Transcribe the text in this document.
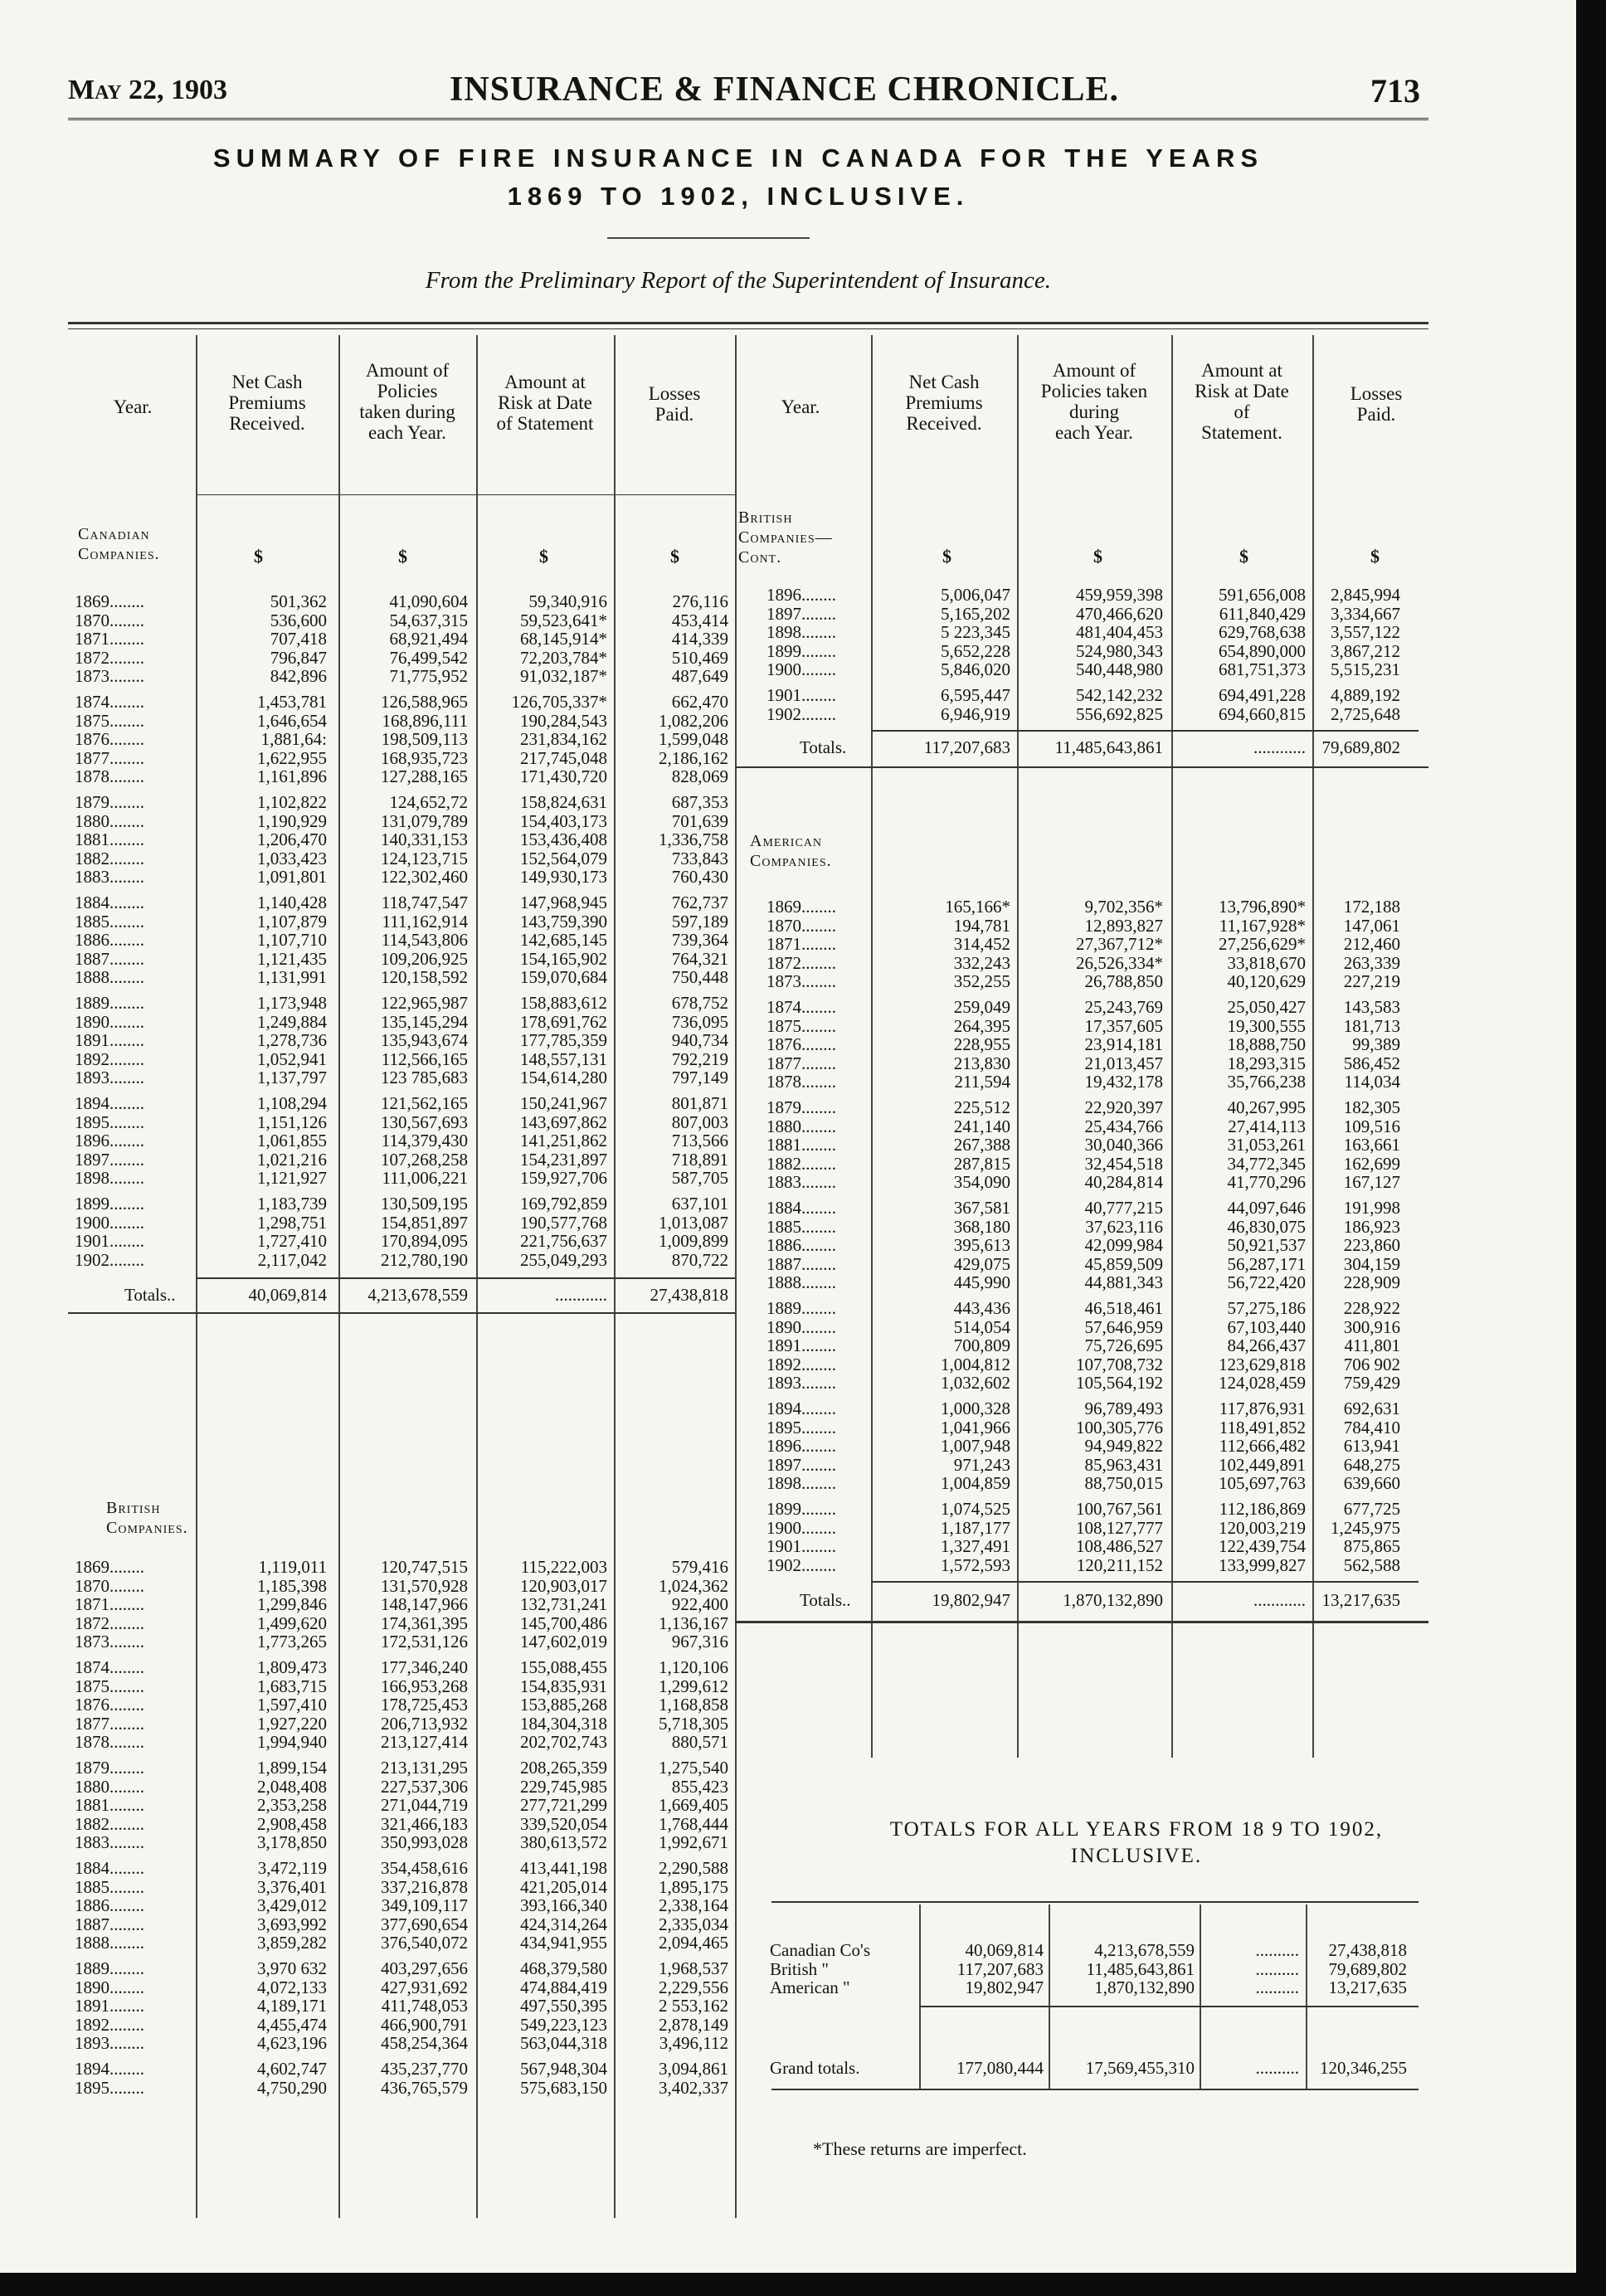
May 22, 1903	INSURANCE & FINANCE CHRONICLE.	713
SUMMARY OF FIRE INSURANCE IN CANADA FOR THE YEARS
1869 TO 1902, INCLUSIVE.
From the Preliminary Report of the Superintendent of Insurance.
Year.
Net Cash
Premiums
Received.
Amount of
Policies
taken during
each Year.
Amount at
Risk at Date
of Statement
Losses
Paid.	Year.
Net Cash
Premiums
Received.
Amount of
Policies taken
during
each Year.
Amount at
Risk at Date
of
Statement.
Losses
Paid.
Canadian
Companies.
British
Companies.
British
Companies—
Cont.
American
Companies.
$	$	$	$	$	$	$	$
1869........	501,362	41,090,604	59,340,916	276,116
1870........	536,600	54,637,315	59,523,641*	453,414
1871........	707,418	68,921,494	68,145,914*	414,339
1872........	796,847	76,499,542	72,203,784*	510,469
1873........	842,896	71,775,952	91,032,187*	487,649
1874........	1,453,781	126,588,965	126,705,337*	662,470
1875........	1,646,654	168,896,111	190,284,543	1,082,206
1876........	1,881,64:	198,509,113	231,834,162	1,599,048
1877........	1,622,955	168,935,723	217,745,048	2,186,162
1878........	1,161,896	127,288,165	171,430,720	828,069
1879........	1,102,822	124,652,72	158,824,631	687,353
1880........	1,190,929	131,079,789	154,403,173	701,639
1881........	1,206,470	140,331,153	153,436,408	1,336,758
1882........	1,033,423	124,123,715	152,564,079	733,843
1883........	1,091,801	122,302,460	149,930,173	760,430
1884........	1,140,428	118,747,547	147,968,945	762,737
1885........	1,107,879	111,162,914	143,759,390	597,189
1886........	1,107,710	114,543,806	142,685,145	739,364
1887........	1,121,435	109,206,925	154,165,902	764,321
1888........	1,131,991	120,158,592	159,070,684	750,448
1889........	1,173,948	122,965,987	158,883,612	678,752
1890........	1,249,884	135,145,294	178,691,762	736,095
1891........	1,278,736	135,943,674	177,785,359	940,734
1892........	1,052,941	112,566,165	148,557,131	792,219
1893........	1,137,797	123 785,683	154,614,280	797,149
1894........	1,108,294	121,562,165	150,241,967	801,871
1895........	1,151,126	130,567,693	143,697,862	807,003
1896........	1,061,855	114,379,430	141,251,862	713,566
1897........	1,021,216	107,268,258	154,231,897	718,891
1898........	1,121,927	111,006,221	159,927,706	587,705
1899........	1,183,739	130,509,195	169,792,859	637,101
1900........	1,298,751	154,851,897	190,577,768	1,013,087
1901........	1,727,410	170,894,095	221,756,637	1,009,899
1902........	2,117,042	212,780,190	255,049,293	870,722
Totals..	40,069,814	4,213,678,559	............	27,438,818
1869........	1,119,011	120,747,515	115,222,003	579,416
1870........	1,185,398	131,570,928	120,903,017	1,024,362
1871........	1,299,846	148,147,966	132,731,241	922,400
1872........	1,499,620	174,361,395	145,700,486	1,136,167
1873........	1,773,265	172,531,126	147,602,019	967,316
1874........	1,809,473	177,346,240	155,088,455	1,120,106
1875........	1,683,715	166,953,268	154,835,931	1,299,612
1876........	1,597,410	178,725,453	153,885,268	1,168,858
1877........	1,927,220	206,713,932	184,304,318	5,718,305
1878........	1,994,940	213,127,414	202,702,743	880,571
1879........	1,899,154	213,131,295	208,265,359	1,275,540
1880........	2,048,408	227,537,306	229,745,985	855,423
1881........	2,353,258	271,044,719	277,721,299	1,669,405
1882........	2,908,458	321,466,183	339,520,054	1,768,444
1883........	3,178,850	350,993,028	380,613,572	1,992,671
1884........	3,472,119	354,458,616	413,441,198	2,290,588
1885........	3,376,401	337,216,878	421,205,014	1,895,175
1886........	3,429,012	349,109,117	393,166,340	2,338,164
1887........	3,693,992	377,690,654	424,314,264	2,335,034
1888........	3,859,282	376,540,072	434,941,955	2,094,465
1889........	3,970 632	403,297,656	468,379,580	1,968,537
1890........	4,072,133	427,931,692	474,884,419	2,229,556
1891........	4,189,171	411,748,053	497,550,395	2 553,162
1892........	4,455,474	466,900,791	549,223,123	2,878,149
1893........	4,623,196	458,254,364	563,044,318	3,496,112
1894........	4,602,747	435,237,770	567,948,304	3,094,861
1895........	4,750,290	436,765,579	575,683,150	3,402,337
1896........	5,006,047	459,959,398	591,656,008	2,845,994
1897........	5,165,202	470,466,620	611,840,429	3,334,667
1898........	5 223,345	481,404,453	629,768,638	3,557,122
1899........	5,652,228	524,980,343	654,890,000	3,867,212
1900........	5,846,020	540,448,980	681,751,373	5,515,231
1901........	6,595,447	542,142,232	694,491,228	4,889,192
1902........	6,946,919	556,692,825	694,660,815	2,725,648
Totals.	117,207,683	11,485,643,861	............ 79,689,802
1869........	165,166*	9,702,356*	13,796,890*	172,188
1870........	194,781	12,893,827	11,167,928*	147,061
1871........	314,452	27,367,712*	27,256,629*	212,460
1872........	332,243	26,526,334*	33,818,670	263,339
1873........	352,255	26,788,850	40,120,629	227,219
1874........	259,049	25,243,769	25,050,427	143,583
1875........	264,395	17,357,605	19,300,555	181,713
1876........	228,955	23,914,181	18,888,750	99,389
1877........	213,830	21,013,457	18,293,315	586,452
1878........	211,594	19,432,178	35,766,238	114,034
1879........	225,512	22,920,397	40,267,995	182,305
1880........	241,140	25,434,766	27,414,113	109,516
1881........	267,388	30,040,366	31,053,261	163,661
1882........	287,815	32,454,518	34,772,345	162,699
1883........	354,090	40,284,814	41,770,296	167,127
1884........	367,581	40,777,215	44,097,646	191,998
1885........	368,180	37,623,116	46,830,075	186,923
1886........	395,613	42,099,984	50,921,537	223,860
1887........	429,075	45,859,509	56,287,171	304,159
1888........	445,990	44,881,343	56,722,420	228,909
1889........	443,436	46,518,461	57,275,186	228,922
1890........	514,054	57,646,959	67,103,440	300,916
1891........	700,809	75,726,695	84,266,437	411,801
1892........	1,004,812	107,708,732	123,629,818	706 902
1893........	1,032,602	105,564,192	124,028,459	759,429
1894........	1,000,328	96,789,493	117,876,931	692,631
1895........	1,041,966	100,305,776	118,491,852	784,410
1896........	1,007,948	94,949,822	112,666,482	613,941
1897........	971,243	85,963,431	102,449,891	648,275
1898........	1,004,859	88,750,015	105,697,763	639,660
1899........	1,074,525	100,767,561	112,186,869	677,725
1900........	1,187,177	108,127,777	120,003,219	1,245,975
1901........	1,327,491	108,486,527	122,439,754	875,865
1902........	1,572,593	120,211,152	133,999,827	562,588
Totals..	19,802,947	1,870,132,890	............ 13,217,635
Canadian Co's	40,069,814	4,213,678,559	..........	27,438,818
British "	117,207,683	11,485,643,861	..........	79,689,802
American "	19,802,947	1,870,132,890	..........	13,217,635
Grand totals.	177,080,444	17,569,455,310	..........	120,346,255
TOTALS FOR ALL YEARS FROM 18 9 TO 1902,
INCLUSIVE.
*These returns are imperfect.
